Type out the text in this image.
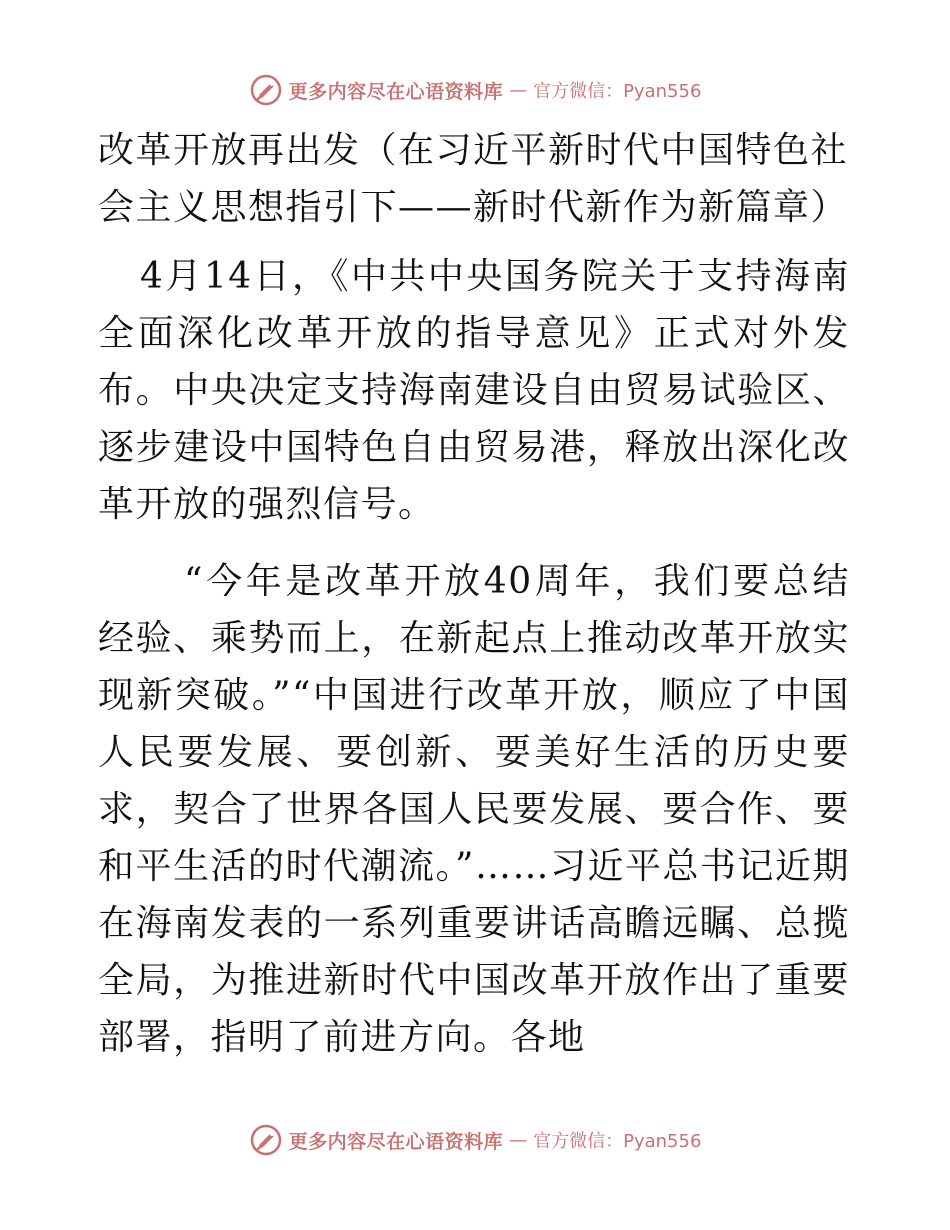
更多内容尽在心语资料库 — 官方微信：Pyan556
改革开放再出发（在习近平新时代中国特色社会主义思想指引下——新时代新作为新篇章）

4月14日，《中共中央国务院关于支持海南全面深化改革开放的指导意见》正式对外发布。中央决定支持海南建设自由贸易试验区、逐步建设中国特色自由贸易港，释放出深化改革开放的强烈信号。

“今年是改革开放40周年，我们要总结经验、乘势而上，在新起点上推动改革开放实现新突破。”“中国进行改革开放，顺应了中国人民要发展、要创新、要美好生活的历史要求，契合了世界各国人民要发展、要合作、要和平生活的时代潮流。”……习近平总书记近期在海南发表的一系列重要讲话高瞻远瞩、总揽全局，为推进新时代中国改革开放作出了重要部署，指明了前进方向。各地

更多内容尽在心语资料库 — 官方微信：Pyan556
